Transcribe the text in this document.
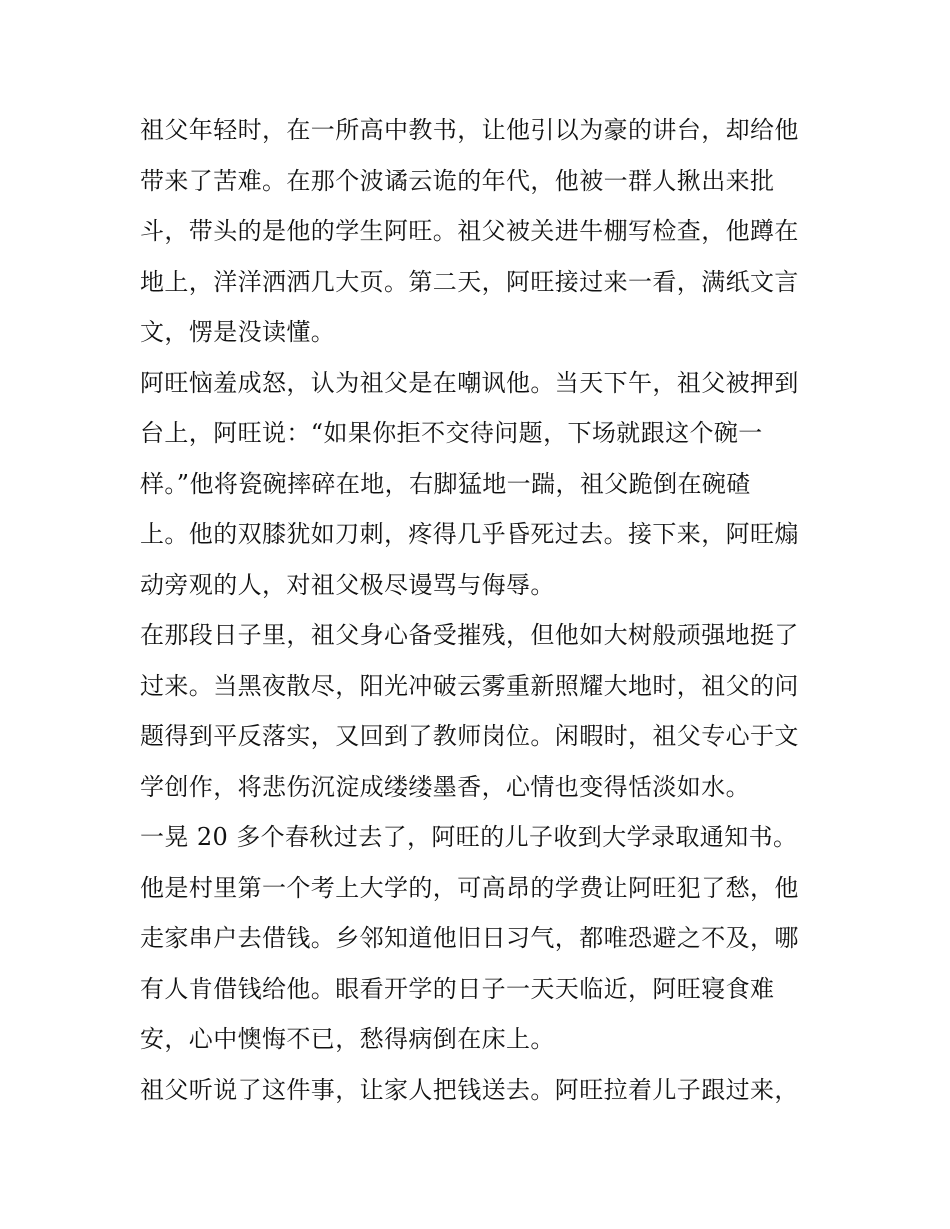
祖父年轻时，在一所高中教书，让他引以为豪的讲台，却给他
带来了苦难。在那个波谲云诡的年代，他被一群人揪出来批
斗，带头的是他的学生阿旺。祖父被关进牛棚写检查，他蹲在
地上，洋洋洒洒几大页。第二天，阿旺接过来一看，满纸文言
文，愣是没读懂。
阿旺恼羞成怒，认为祖父是在嘲讽他。当天下午，祖父被押到
台上，阿旺说：“如果你拒不交待问题，下场就跟这个碗一
样。”他将瓷碗摔碎在地，右脚猛地一踹，祖父跪倒在碗碴
上。他的双膝犹如刀刺，疼得几乎昏死过去。接下来，阿旺煽
动旁观的人，对祖父极尽谩骂与侮辱。
在那段日子里，祖父身心备受摧残，但他如大树般顽强地挺了
过来。当黑夜散尽，阳光冲破云雾重新照耀大地时，祖父的问
题得到平反落实，又回到了教师岗位。闲暇时，祖父专心于文
学创作，将悲伤沉淀成缕缕墨香，心情也变得恬淡如水。
一晃 20 多个春秋过去了，阿旺的儿子收到大学录取通知书。
他是村里第一个考上大学的，可高昂的学费让阿旺犯了愁，他
走家串户去借钱。乡邻知道他旧日习气，都唯恐避之不及，哪
有人肯借钱给他。眼看开学的日子一天天临近，阿旺寝食难
安，心中懊悔不已，愁得病倒在床上。
祖父听说了这件事，让家人把钱送去。阿旺拉着儿子跟过来，
